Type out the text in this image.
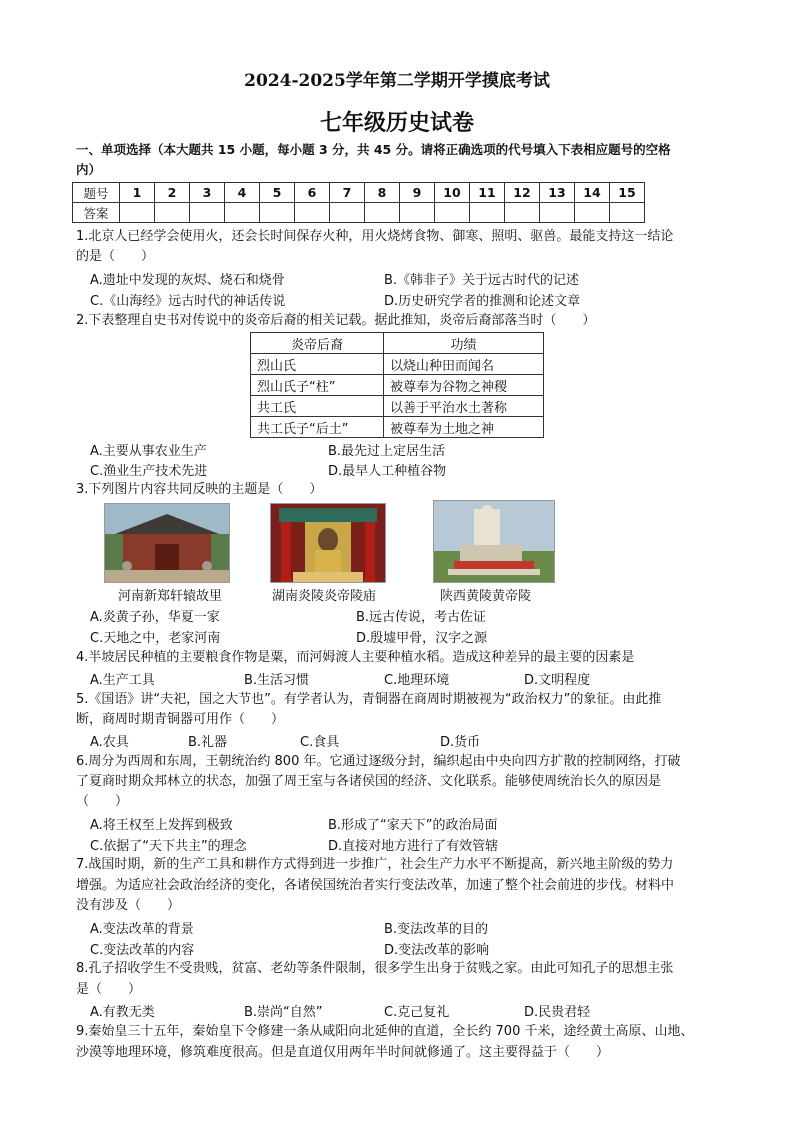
2024-2025学年第二学期开学摸底考试
七年级历史试卷
一、单项选择（本大题共 15 小题，每小题 3 分，共 45 分。请将正确选项的代号填入下表相应题号的空格
内）
题号	1	2	3	4	5	6	7	8	9	10	11	12	13	14	15
答案															
1.北京人已经学会使用火，还会长时间保存火种，用火烧烤食物、御寒、照明、驱兽。最能支持这一结论
的是（　　）
A.遗址中发现的灰烬、烧石和烧骨	B.《韩非子》关于远古时代的记述
C.《山海经》远古时代的神话传说	D.历史研究学者的推测和论述文章
2.下表整理自史书对传说中的炎帝后裔的相关记载。据此推知，炎帝后裔部落当时（　　）
炎帝后裔	功绩
烈山氏	以烧山种田而闻名
烈山氏子“柱”	被尊奉为谷物之神稷
共工氏	以善于平治水土著称
共工氏子“后土”	被尊奉为土地之神
A.主要从事农业生产	B.最先过上定居生活
C.渔业生产技术先进	D.最早人工种植谷物
3.下列图片内容共同反映的主题是（　　）
河南新郑轩辕故里	湖南炎陵炎帝陵庙	陕西黄陵黄帝陵
A.炎黄子孙，华夏一家	B.远古传说，考古佐证
C.天地之中，老家河南	D.殷墟甲骨，汉字之源
4.半坡居民种植的主要粮食作物是粟，而河姆渡人主要种植水稻。造成这种差异的最主要的因素是
A.生产工具	B.生活习惯	C.地理环境	D.文明程度
5.《国语》讲“夫祀，国之大节也”。有学者认为，青铜器在商周时期被视为“政治权力”的象征。由此推
断，商周时期青铜器可用作（　　）
A.农具	B.礼器	C.食具	D.货币
6.周分为西周和东周，王朝统治约 800 年。它通过逐级分封，编织起由中央向四方扩散的控制网络，打破
了夏商时期众邦林立的状态，加强了周王室与各诸侯国的经济、文化联系。能够使周统治长久的原因是
（　　）
A.将王权至上发挥到极致	B.形成了“家天下”的政治局面
C.依据了“天下共主”的理念	D.直接对地方进行了有效管辖
7.战国时期，新的生产工具和耕作方式得到进一步推广，社会生产力水平不断提高，新兴地主阶级的势力
增强。为适应社会政治经济的变化，各诸侯国统治者实行变法改革，加速了整个社会前进的步伐。材料中
没有涉及（　　）
A.变法改革的背景	B.变法改革的目的
C.变法改革的内容	D.变法改革的影响
8.孔子招收学生不受贵贱，贫富、老幼等条件限制，很多学生出身于贫贱之家。由此可知孔子的思想主张
是（　　）
A.有教无类	B.崇尚“自然”	C.克己复礼	D.民贵君轻
9.秦始皇三十五年，秦始皇下令修建一条从咸阳向北延伸的直道，全长约 700 千米，途经黄土高原、山地、
沙漠等地理环境，修筑难度很高。但是直道仅用两年半时间就修通了。这主要得益于（　　）
